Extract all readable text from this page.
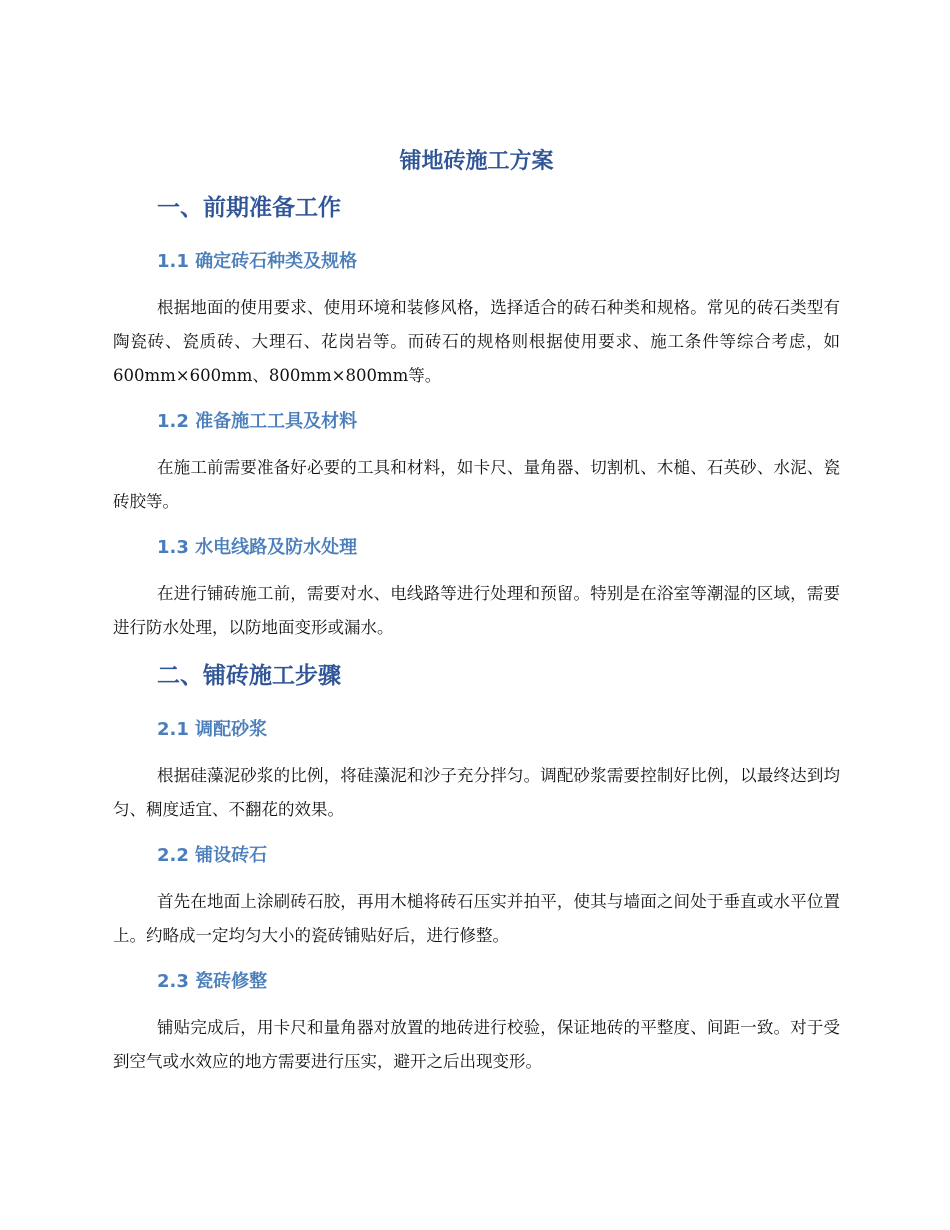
铺地砖施工方案
一、前期准备工作
1.1 确定砖石种类及规格

根据地面的使用要求、使用环境和装修风格，选择适合的砖石种类和规格。常见的砖石类型有陶瓷砖、瓷质砖、大理石、花岗岩等。而砖石的规格则根据使用要求、施工条件等综合考虑，如600mm×600mm、800mm×800mm等。

1.2 准备施工工具及材料

在施工前需要准备好必要的工具和材料，如卡尺、量角器、切割机、木槌、石英砂、水泥、瓷砖胶等。

1.3 水电线路及防水处理

在进行铺砖施工前，需要对水、电线路等进行处理和预留。特别是在浴室等潮湿的区域，需要进行防水处理，以防地面变形或漏水。

二、铺砖施工步骤
2.1 调配砂浆

根据硅藻泥砂浆的比例，将硅藻泥和沙子充分拌匀。调配砂浆需要控制好比例，以最终达到均匀、稠度适宜、不翻花的效果。

2.2 铺设砖石

首先在地面上涂刷砖石胶，再用木槌将砖石压实并拍平，使其与墙面之间处于垂直或水平位置上。约略成一定均匀大小的瓷砖铺贴好后，进行修整。

2.3 瓷砖修整

铺贴完成后，用卡尺和量角器对放置的地砖进行校验，保证地砖的平整度、间距一致。对于受到空气或水效应的地方需要进行压实，避开之后出现变形。
